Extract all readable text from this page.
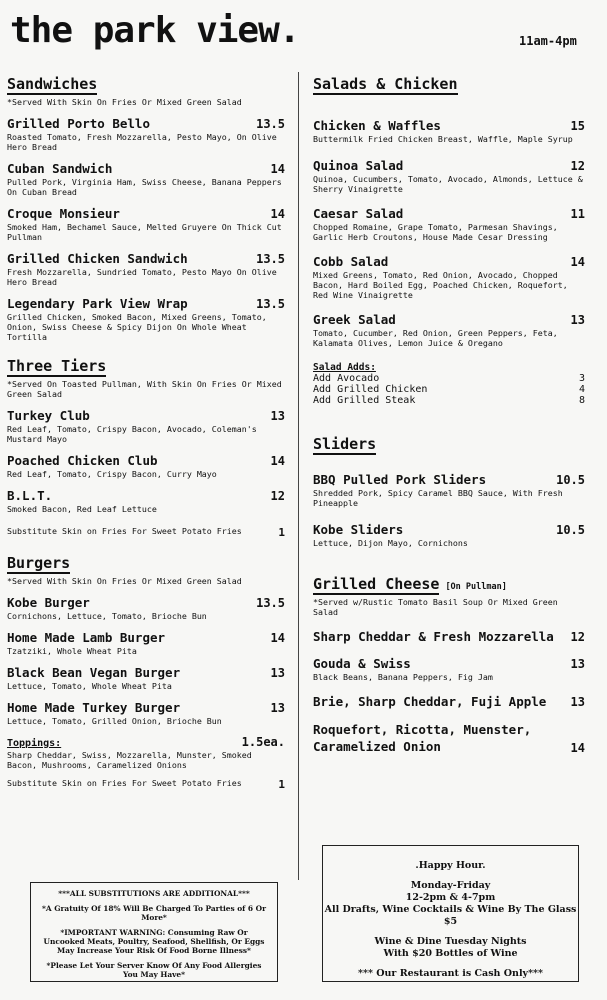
the park view.	11am-4pm
Sandwiches
*Served With Skin On Fries Or Mixed Green Salad
Grilled Porto Bello	13.5
Roasted Tomato, Fresh Mozzarella, Pesto Mayo, On Olive Hero Bread
Cuban Sandwich	14
Pulled Pork, Virginia Ham, Swiss Cheese, Banana Peppers On Cuban Bread
Croque Monsieur	14
Smoked Ham, Bechamel Sauce, Melted Gruyere On Thick Cut Pullman
Grilled Chicken Sandwich	13.5
Fresh Mozzarella, Sundried Tomato, Pesto Mayo On Olive Hero Bread
Legendary Park View Wrap	13.5
Grilled Chicken, Smoked Bacon, Mixed Greens, Tomato, Onion, Swiss Cheese & Spicy Dijon On Whole Wheat Tortilla
Three Tiers
*Served On Toasted Pullman, With Skin On Fries Or Mixed Green Salad
Turkey Club	13
Red Leaf, Tomato, Crispy Bacon, Avocado, Coleman's Mustard Mayo
Poached Chicken Club	14
Red Leaf, Tomato, Crispy Bacon, Curry Mayo
B.L.T.	12
Smoked Bacon, Red Leaf Lettuce
Substitute Skin on Fries For Sweet Potato Fries	1
Burgers
*Served With Skin On Fries Or Mixed Green Salad
Kobe Burger	13.5
Cornichons, Lettuce, Tomato, Brioche Bun
Home Made Lamb Burger	14
Tzatziki, Whole Wheat Pita
Black Bean Vegan Burger	13
Lettuce, Tomato, Whole Wheat Pita
Home Made Turkey Burger	13
Lettuce, Tomato, Grilled Onion, Brioche Bun
Toppings:	1.5ea.
Sharp Cheddar, Swiss, Mozzarella, Munster, Smoked Bacon, Mushrooms, Caramelized Onions
Substitute Skin on Fries For Sweet Potato Fries	1
Salads & Chicken
Chicken & Waffles	15
Buttermilk Fried Chicken Breast, Waffle, Maple Syrup
Quinoa Salad	12
Quinoa, Cucumbers, Tomato, Avocado, Almonds, Lettuce & Sherry Vinaigrette
Caesar Salad	11
Chopped Romaine, Grape Tomato, Parmesan Shavings, Garlic Herb Croutons, House Made Cesar Dressing
Cobb Salad	14
Mixed Greens, Tomato, Red Onion, Avocado, Chopped Bacon, Hard Boiled Egg, Poached Chicken, Roquefort, Red Wine Vinaigrette
Greek Salad	13
Tomato, Cucumber, Red Onion, Green Peppers, Feta, Kalamata Olives, Lemon Juice & Oregano
Salad Adds:
Add Avocado	3
Add Grilled Chicken	4
Add Grilled Steak	8
Sliders
BBQ Pulled Pork Sliders	10.5
Shredded Pork, Spicy Caramel BBQ Sauce, With Fresh Pineapple
Kobe Sliders	10.5
Lettuce, Dijon Mayo, Cornichons
Grilled Cheese [On Pullman]
*Served w/Rustic Tomato Basil Soup Or Mixed Green Salad
Sharp Cheddar & Fresh Mozzarella 12
Gouda & Swiss	13
Black Beans, Banana Peppers, Fig Jam
Brie, Sharp Cheddar, Fuji Apple 13
Roquefort, Ricotta, Muenster, Caramelized Onion	14

***ALL SUBSTITUTIONS ARE ADDITIONAL***

*A Gratuity Of 18% Will Be Charged To Parties of 6 Or More*

*IMPORTANT WARNING: Consuming Raw Or Uncooked Meats, Poultry, Seafood, Shellfish, Or Eggs May Increase Your Risk Of Food Borne Illness*

*Please Let Your Server Know Of Any Food Allergies You May Have*

.Happy Hour.

Monday-Friday

12-2pm & 4-7pm

All Drafts, Wine Cocktails & Wine By The Glass $5

Wine & Dine Tuesday Nights

With $20 Bottles of Wine

*** Our Restaurant is Cash Only***
